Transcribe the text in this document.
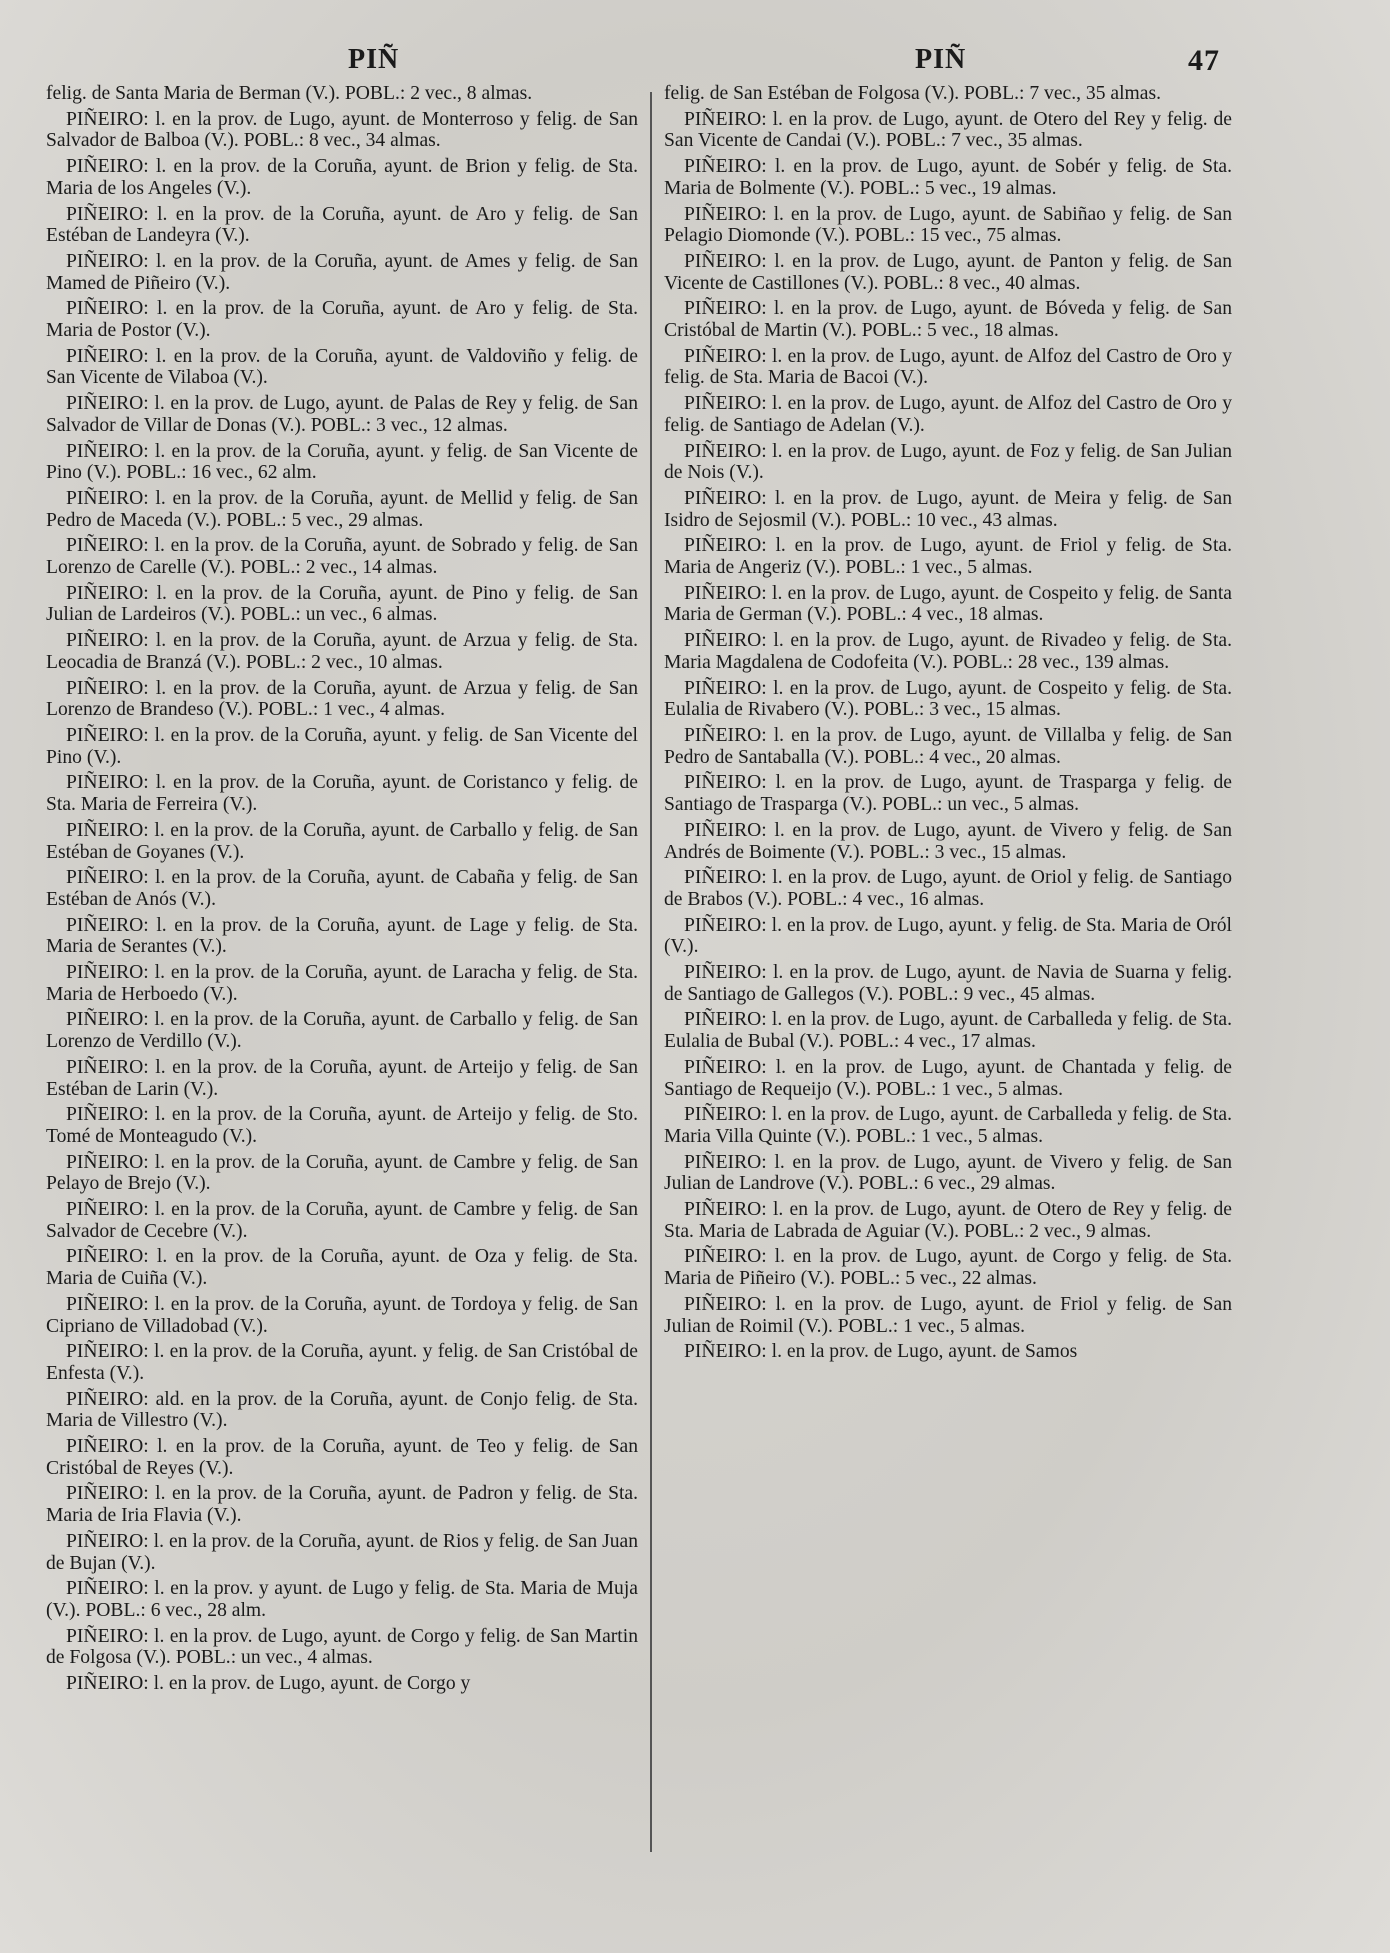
PIÑ	PIÑ	47
felig. de Santa Maria de Berman (V.). POBL.: 2 vec., 8 almas.
PIÑEIRO: l. en la prov. de Lugo, ayunt. de Monterroso y felig. de San Salvador de Balboa (V.). POBL.: 8 vec., 34 almas.
PIÑEIRO: l. en la prov. de la Coruña, ayunt. de Brion y felig. de Sta. Maria de los Angeles (V.).
PIÑEIRO: l. en la prov. de la Coruña, ayunt. de Aro y felig. de San Estéban de Landeyra (V.).
PIÑEIRO: l. en la prov. de la Coruña, ayunt. de Ames y felig. de San Mamed de Piñeiro (V.).
PIÑEIRO: l. en la prov. de la Coruña, ayunt. de Aro y felig. de Sta. Maria de Postor (V.).
PIÑEIRO: l. en la prov. de la Coruña, ayunt. de Valdoviño y felig. de San Vicente de Vilaboa (V.).
PIÑEIRO: l. en la prov. de Lugo, ayunt. de Palas de Rey y felig. de San Salvador de Villar de Donas (V.). POBL.: 3 vec., 12 almas.
PIÑEIRO: l. en la prov. de la Coruña, ayunt. y felig. de San Vicente de Pino (V.). POBL.: 16 vec., 62 alm.
PIÑEIRO: l. en la prov. de la Coruña, ayunt. de Mellid y felig. de San Pedro de Maceda (V.). POBL.: 5 vec., 29 almas.
PIÑEIRO: l. en la prov. de la Coruña, ayunt. de Sobrado y felig. de San Lorenzo de Carelle (V.). POBL.: 2 vec., 14 almas.
PIÑEIRO: l. en la prov. de la Coruña, ayunt. de Pino y felig. de San Julian de Lardeiros (V.). POBL.: un vec., 6 almas.
PIÑEIRO: l. en la prov. de la Coruña, ayunt. de Arzua y felig. de Sta. Leocadia de Branzá (V.). POBL.: 2 vec., 10 almas.
PIÑEIRO: l. en la prov. de la Coruña, ayunt. de Arzua y felig. de San Lorenzo de Brandeso (V.). POBL.: 1 vec., 4 almas.
PIÑEIRO: l. en la prov. de la Coruña, ayunt. y felig. de San Vicente del Pino (V.).
PIÑEIRO: l. en la prov. de la Coruña, ayunt. de Coristanco y felig. de Sta. Maria de Ferreira (V.).
PIÑEIRO: l. en la prov. de la Coruña, ayunt. de Carballo y felig. de San Estéban de Goyanes (V.).
PIÑEIRO: l. en la prov. de la Coruña, ayunt. de Cabaña y felig. de San Estéban de Anós (V.).
PIÑEIRO: l. en la prov. de la Coruña, ayunt. de Lage y felig. de Sta. Maria de Serantes (V.).
PIÑEIRO: l. en la prov. de la Coruña, ayunt. de Laracha y felig. de Sta. Maria de Herboedo (V.).
PIÑEIRO: l. en la prov. de la Coruña, ayunt. de Carballo y felig. de San Lorenzo de Verdillo (V.).
PIÑEIRO: l. en la prov. de la Coruña, ayunt. de Arteijo y felig. de San Estéban de Larin (V.).
PIÑEIRO: l. en la prov. de la Coruña, ayunt. de Arteijo y felig. de Sto. Tomé de Monteagudo (V.).
PIÑEIRO: l. en la prov. de la Coruña, ayunt. de Cambre y felig. de San Pelayo de Brejo (V.).
PIÑEIRO: l. en la prov. de la Coruña, ayunt. de Cambre y felig. de San Salvador de Cecebre (V.).
PIÑEIRO: l. en la prov. de la Coruña, ayunt. de Oza y felig. de Sta. Maria de Cuiña (V.).
PIÑEIRO: l. en la prov. de la Coruña, ayunt. de Tordoya y felig. de San Cipriano de Villadobad (V.).
PIÑEIRO: l. en la prov. de la Coruña, ayunt. y felig. de San Cristóbal de Enfesta (V.).
PIÑEIRO: ald. en la prov. de la Coruña, ayunt. de Conjo felig. de Sta. Maria de Villestro (V.).
PIÑEIRO: l. en la prov. de la Coruña, ayunt. de Teo y felig. de San Cristóbal de Reyes (V.).
PIÑEIRO: l. en la prov. de la Coruña, ayunt. de Padron y felig. de Sta. Maria de Iria Flavia (V.).
PIÑEIRO: l. en la prov. de la Coruña, ayunt. de Rios y felig. de San Juan de Bujan (V.).
PIÑEIRO: l. en la prov. y ayunt. de Lugo y felig. de Sta. Maria de Muja (V.). POBL.: 6 vec., 28 alm.
PIÑEIRO: l. en la prov. de Lugo, ayunt. de Corgo y felig. de San Martin de Folgosa (V.). POBL.: un vec., 4 almas.
PIÑEIRO: l. en la prov. de Lugo, ayunt. de Corgo y
felig. de San Estéban de Folgosa (V.). POBL.: 7 vec., 35 almas.
PIÑEIRO: l. en la prov. de Lugo, ayunt. de Otero del Rey y felig. de San Vicente de Candai (V.). POBL.: 7 vec., 35 almas.
PIÑEIRO: l. en la prov. de Lugo, ayunt. de Sobér y felig. de Sta. Maria de Bolmente (V.). POBL.: 5 vec., 19 almas.
PIÑEIRO: l. en la prov. de Lugo, ayunt. de Sabiñao y felig. de San Pelagio Diomonde (V.). POBL.: 15 vec., 75 almas.
PIÑEIRO: l. en la prov. de Lugo, ayunt. de Panton y felig. de San Vicente de Castillones (V.). POBL.: 8 vec., 40 almas.
PIÑEIRO: l. en la prov. de Lugo, ayunt. de Bóveda y felig. de San Cristóbal de Martin (V.). POBL.: 5 vec., 18 almas.
PIÑEIRO: l. en la prov. de Lugo, ayunt. de Alfoz del Castro de Oro y felig. de Sta. Maria de Bacoi (V.).
PIÑEIRO: l. en la prov. de Lugo, ayunt. de Alfoz del Castro de Oro y felig. de Santiago de Adelan (V.).
PIÑEIRO: l. en la prov. de Lugo, ayunt. de Foz y felig. de San Julian de Nois (V.).
PIÑEIRO: l. en la prov. de Lugo, ayunt. de Meira y felig. de San Isidro de Sejosmil (V.). POBL.: 10 vec., 43 almas.
PIÑEIRO: l. en la prov. de Lugo, ayunt. de Friol y felig. de Sta. Maria de Angeriz (V.). POBL.: 1 vec., 5 almas.
PIÑEIRO: l. en la prov. de Lugo, ayunt. de Cospeito y felig. de Santa Maria de German (V.). POBL.: 4 vec., 18 almas.
PIÑEIRO: l. en la prov. de Lugo, ayunt. de Rivadeo y felig. de Sta. Maria Magdalena de Codofeita (V.). POBL.: 28 vec., 139 almas.
PIÑEIRO: l. en la prov. de Lugo, ayunt. de Cospeito y felig. de Sta. Eulalia de Rivabero (V.). POBL.: 3 vec., 15 almas.
PIÑEIRO: l. en la prov. de Lugo, ayunt. de Villalba y felig. de San Pedro de Santaballa (V.). POBL.: 4 vec., 20 almas.
PIÑEIRO: l. en la prov. de Lugo, ayunt. de Trasparga y felig. de Santiago de Trasparga (V.). POBL.: un vec., 5 almas.
PIÑEIRO: l. en la prov. de Lugo, ayunt. de Vivero y felig. de San Andrés de Boimente (V.). POBL.: 3 vec., 15 almas.
PIÑEIRO: l. en la prov. de Lugo, ayunt. de Oriol y felig. de Santiago de Brabos (V.). POBL.: 4 vec., 16 almas.
PIÑEIRO: l. en la prov. de Lugo, ayunt. y felig. de Sta. Maria de Oról (V.).
PIÑEIRO: l. en la prov. de Lugo, ayunt. de Navia de Suarna y felig. de Santiago de Gallegos (V.). POBL.: 9 vec., 45 almas.
PIÑEIRO: l. en la prov. de Lugo, ayunt. de Carballeda y felig. de Sta. Eulalia de Bubal (V.). POBL.: 4 vec., 17 almas.
PIÑEIRO: l. en la prov. de Lugo, ayunt. de Chantada y felig. de Santiago de Requeijo (V.). POBL.: 1 vec., 5 almas.
PIÑEIRO: l. en la prov. de Lugo, ayunt. de Carballeda y felig. de Sta. Maria Villa Quinte (V.). POBL.: 1 vec., 5 almas.
PIÑEIRO: l. en la prov. de Lugo, ayunt. de Vivero y felig. de San Julian de Landrove (V.). POBL.: 6 vec., 29 almas.
PIÑEIRO: l. en la prov. de Lugo, ayunt. de Otero de Rey y felig. de Sta. Maria de Labrada de Aguiar (V.). POBL.: 2 vec., 9 almas.
PIÑEIRO: l. en la prov. de Lugo, ayunt. de Corgo y felig. de Sta. Maria de Piñeiro (V.). POBL.: 5 vec., 22 almas.
PIÑEIRO: l. en la prov. de Lugo, ayunt. de Friol y felig. de San Julian de Roimil (V.). POBL.: 1 vec., 5 almas.
PIÑEIRO: l. en la prov. de Lugo, ayunt. de Samos
